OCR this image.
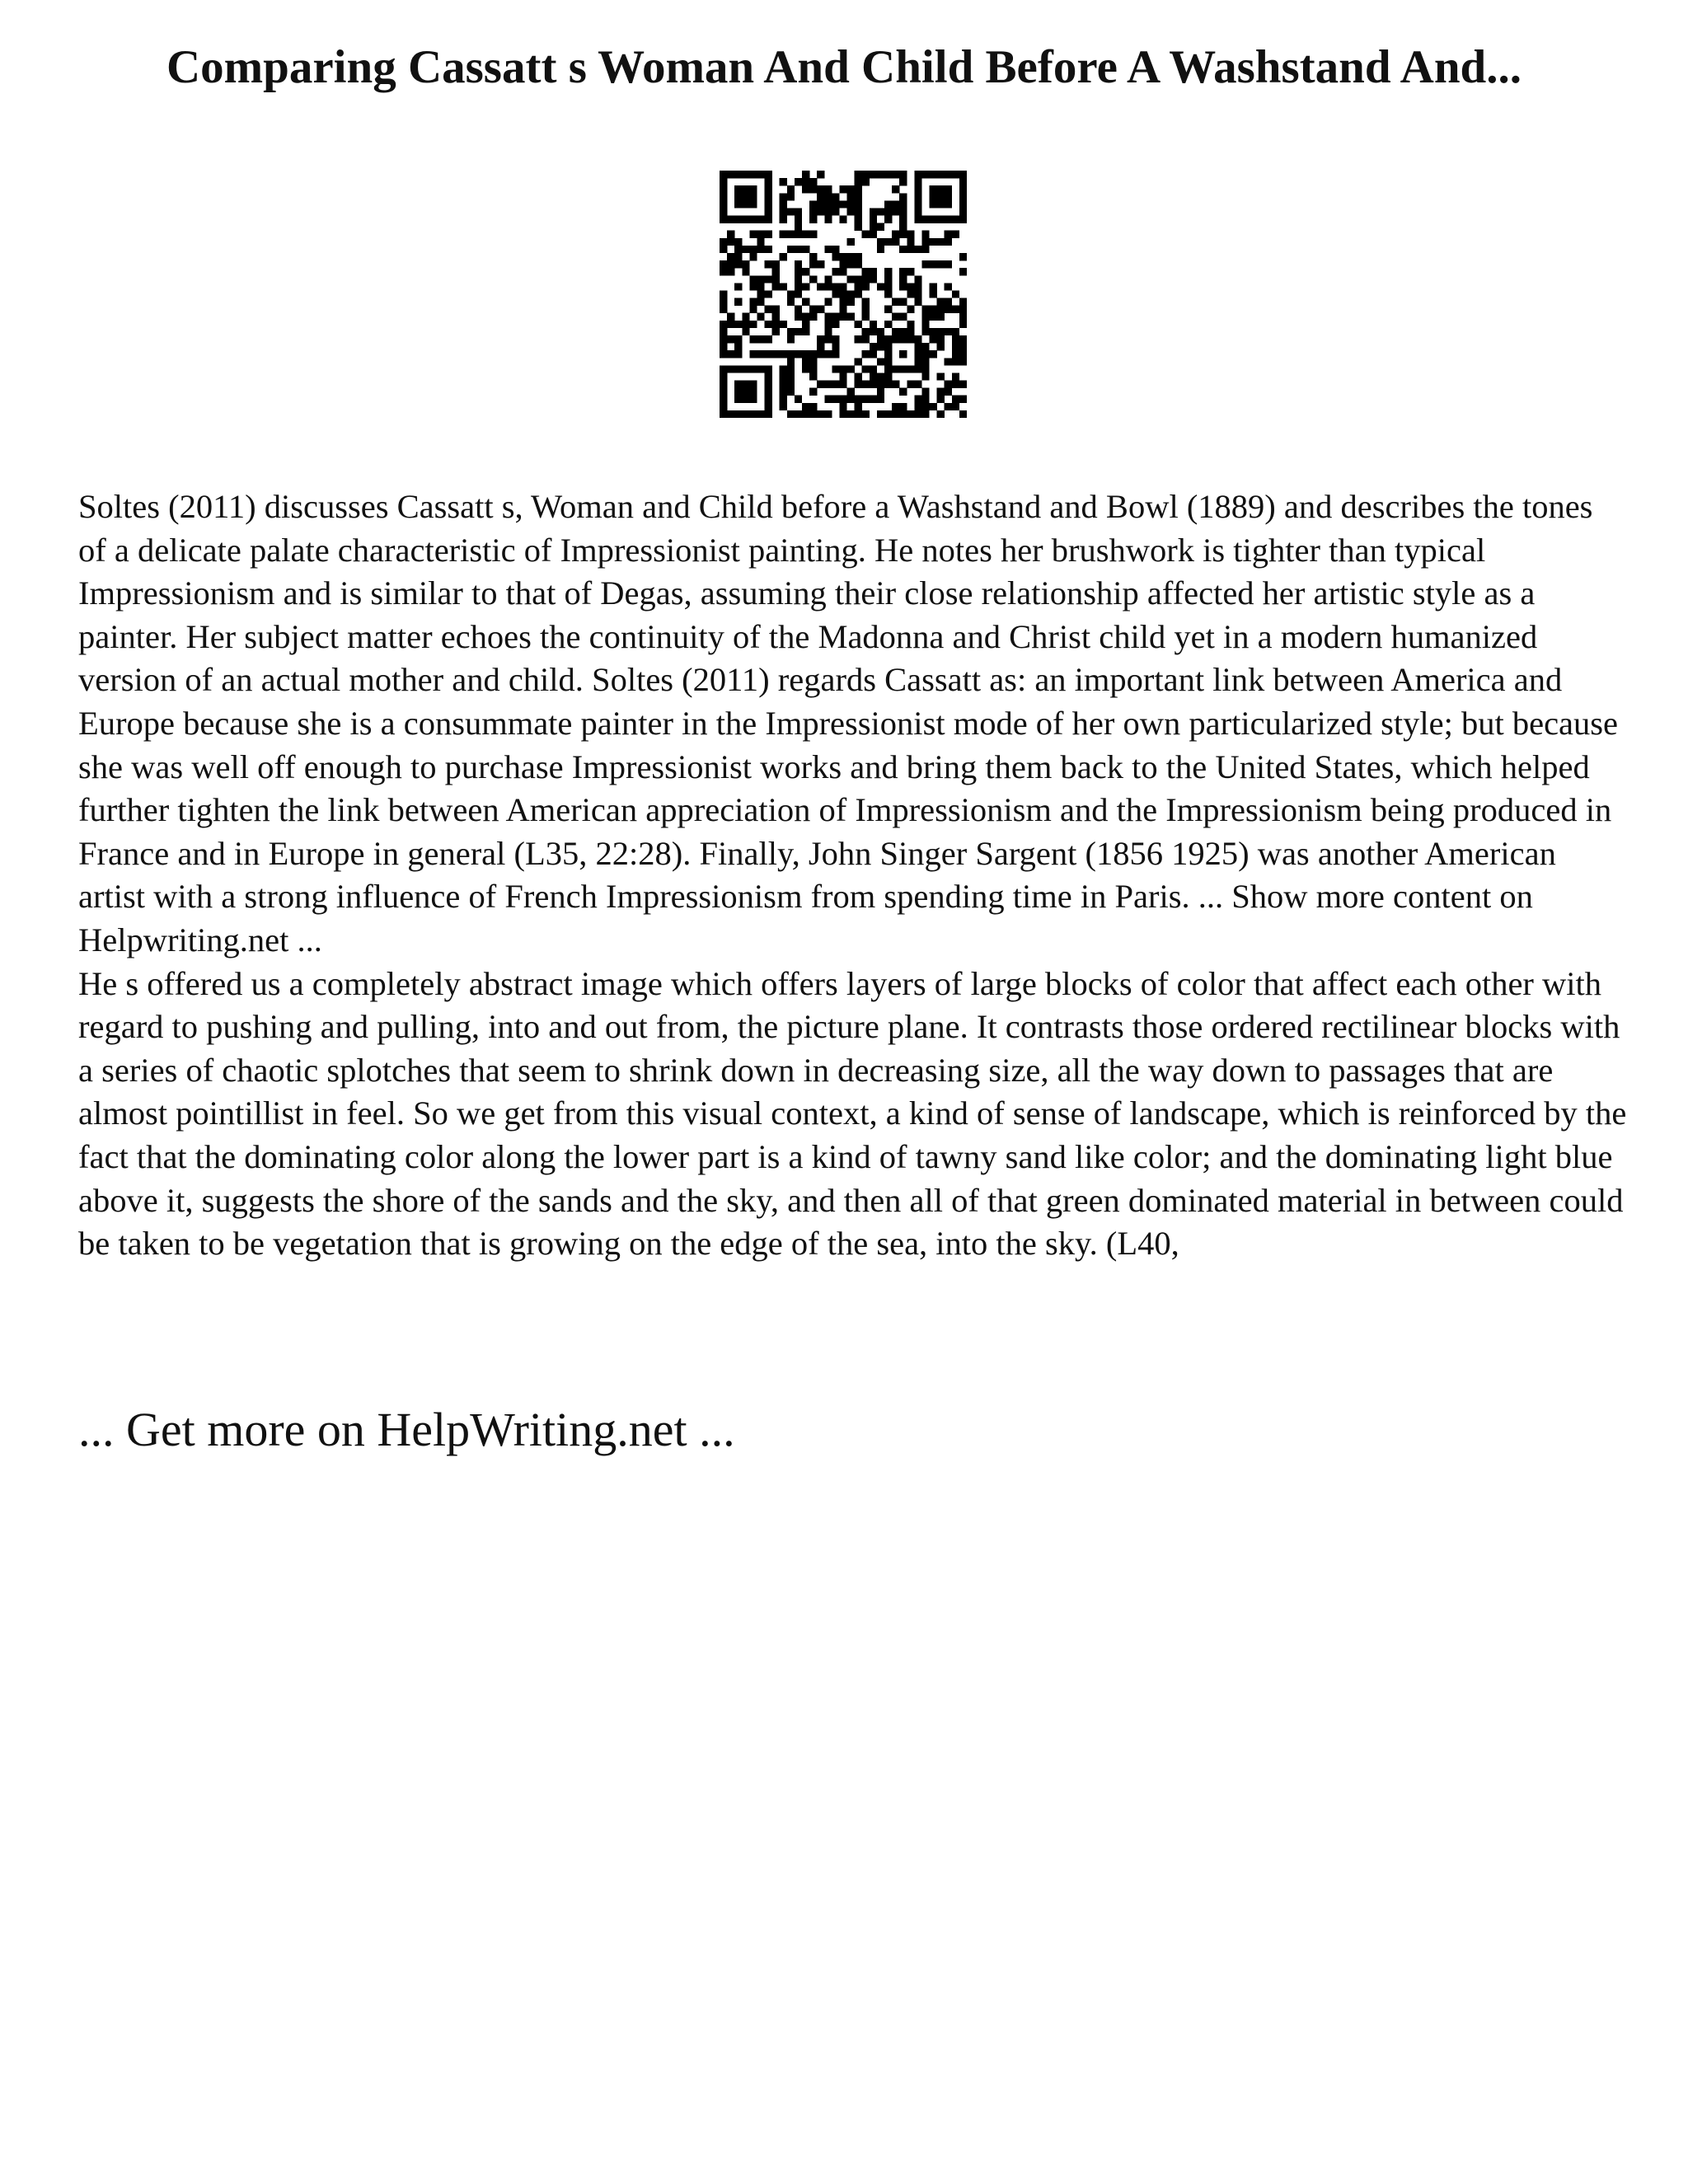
Comparing Cassatt s Woman And Child Before A Washstand And...

Soltes (2011) discusses Cassatt s, Woman and Child before a Washstand and Bowl (1889) and describes the tones of a delicate palate characteristic of Impressionist painting. He notes her brushwork is tighter than typical Impressionism and is similar to that of Degas, assuming their close relationship affected her artistic style as a painter. Her subject matter echoes the continuity of the Madonna and Christ child yet in a modern humanized version of an actual mother and child. Soltes (2011) regards Cassatt as: an important link between America and Europe because she is a consummate painter in the Impressionist mode of her own particularized style; but because she was well off enough to purchase Impressionist works and bring them back to the United States, which helped further tighten the link between American appreciation of Impressionism and the Impressionism being produced in France and in Europe in general (L35, 22:28). Finally, John Singer Sargent (1856 1925) was another American artist with a strong influence of French Impressionism from spending time in Paris. ... Show more content on Helpwriting.net ...

He s offered us a completely abstract image which offers layers of large blocks of color that affect each other with regard to pushing and pulling, into and out from, the picture plane. It contrasts those ordered rectilinear blocks with a series of chaotic splotches that seem to shrink down in decreasing size, all the way down to passages that are almost pointillist in feel. So we get from this visual context, a kind of sense of landscape, which is reinforced by the fact that the dominating color along the lower part is a kind of tawny sand like color; and the dominating light blue above it, suggests the shore of the sands and the sky, and then all of that green dominated material in between could be taken to be vegetation that is growing on the edge of the sea, into the sky. (L40,

... Get more on HelpWriting.net ...
